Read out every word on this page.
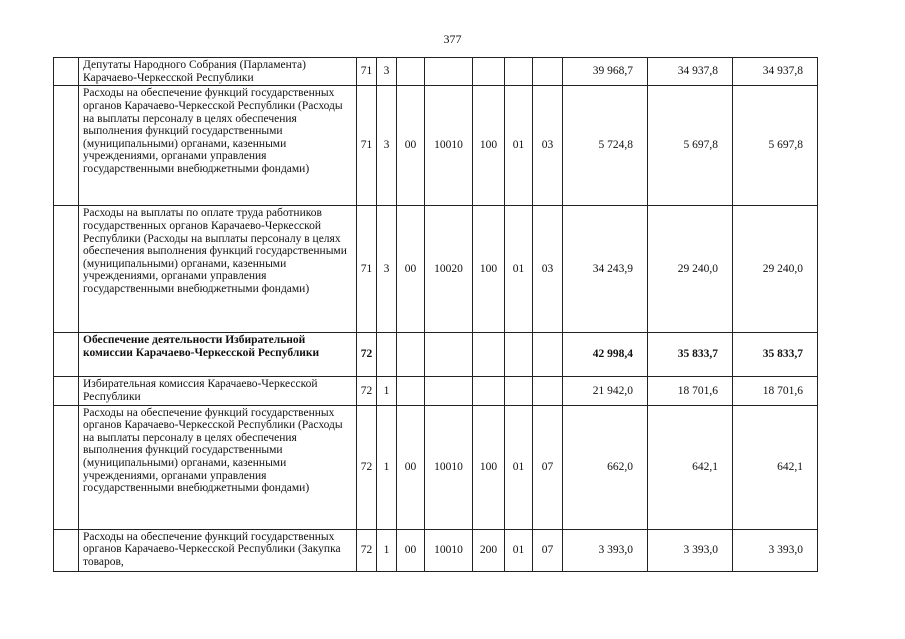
377
	Депутаты Народного Собрания (Парламента) Карачаево-Черкесской Республики	71	3						39 968,7	34 937,8	34 937,8
	Расходы на обеспечение функций государственных органов Карачаево-Черкесской Республики (Расходы на выплаты персоналу в целях обеспечения выполнения функций государственными (муниципальными) органами, казенными учреждениями, органами управления государственными внебюджетными фондами)	71	3	00	10010	100	01	03	5 724,8	5 697,8	5 697,8
	Расходы на выплаты по оплате труда работников государственных органов Карачаево-Черкесской Республики (Расходы на выплаты персоналу в целях обеспечения выполнения функций государственными (муниципальными) органами, казенными учреждениями, органами управления государственными внебюджетными фондами)	71	3	00	10020	100	01	03	34 243,9	29 240,0	29 240,0
	Обеспечение деятельности Избирательной комиссии Карачаево-Черкесской Республики	72							42 998,4	35 833,7	35 833,7
	Избирательная комиссия Карачаево-Черкесской Республики	72	1						21 942,0	18 701,6	18 701,6
	Расходы на обеспечение функций государственных органов Карачаево-Черкесской Республики (Расходы на выплаты персоналу в целях обеспечения выполнения функций государственными (муниципальными) органами, казенными учреждениями, органами управления государственными внебюджетными фондами)	72	1	00	10010	100	01	07	662,0	642,1	642,1
	Расходы на обеспечение функций государственных органов Карачаево-Черкесской Республики (Закупка товаров,	72	1	00	10010	200	01	07	3 393,0	3 393,0	3 393,0
